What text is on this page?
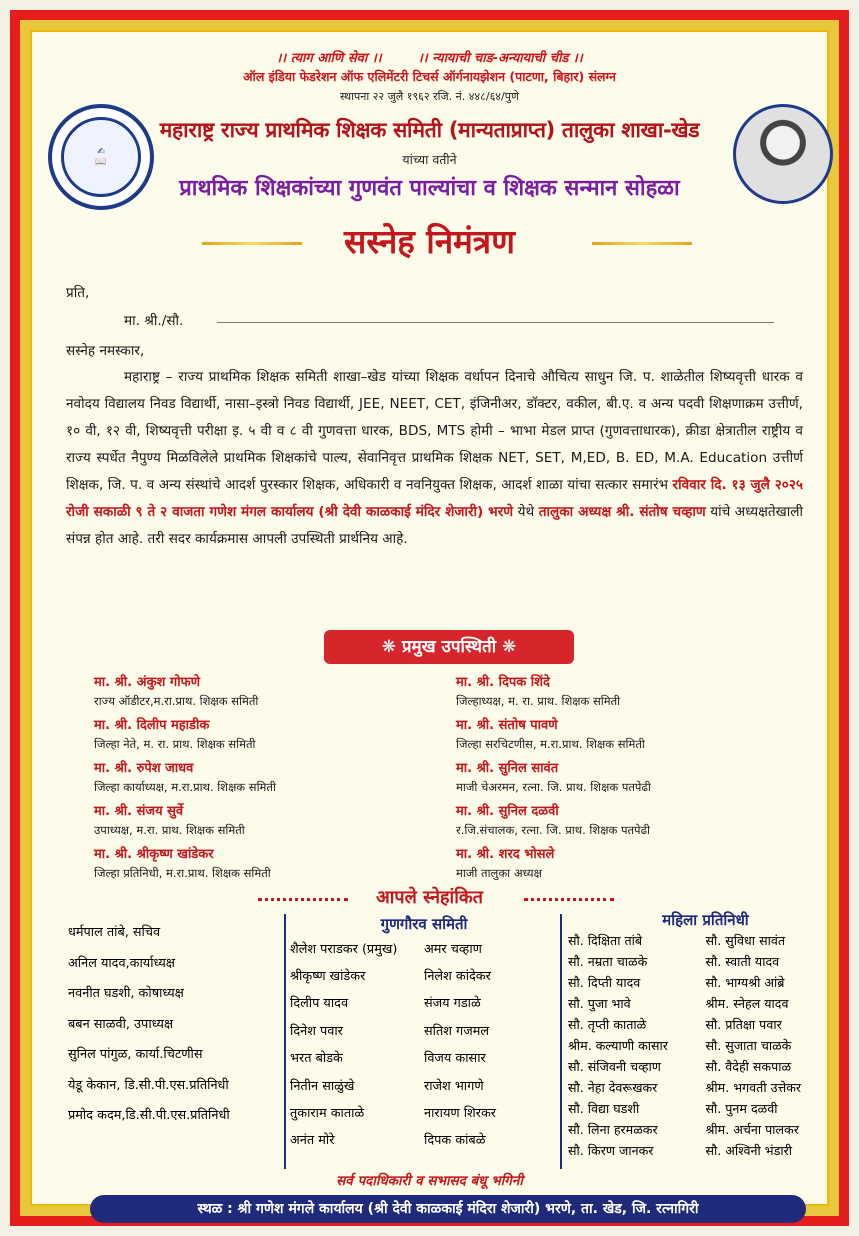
।। त्याग आणि सेवा ।।	।। न्यायाची चाड-अन्यायाची चीड ।।
ऑल इंडिया फेडरेशन ऑफ एलिमेंटरी टिचर्स ऑर्गनायझेशन (पाटणा, बिहार) संलग्न
स्थापना २२ जुलै १९६२ रजि. नं. ४४८/६४/पुणे
✍
📖
महाराष्ट्र राज्य प्राथमिक शिक्षक समिती (मान्यताप्राप्त) तालुका शाखा-खेड
यांच्या वतीने
प्राथमिक शिक्षकांच्या गुणवंत पाल्यांचा व शिक्षक सन्मान सोहळा
सस्नेह निमंत्रण
प्रति,
मा. श्री./सौ.
सस्नेह नमस्कार,
महाराष्ट्र – राज्य प्राथमिक शिक्षक समिती शाखा–खेड यांच्या शिक्षक वर्धापन दिनाचे औचित्य साधुन जि. प. शाळेतील शिष्यवृत्ती धारक व नवोदय विद्यालय निवड विद्यार्थी, नासा–इस्त्रो निवड विद्यार्थी, JEE, NEET, CET, इंजिनीअर, डॉक्टर, वकील, बी.ए. व अन्य पदवी शिक्षणाक्रम उत्तीर्ण, १० वी, १२ वी, शिष्यवृत्ती परीक्षा इ. ५ वी व ८ वी गुणवत्ता धारक, BDS, MTS होमी – भाभा मेडल प्राप्त (गुणवत्ताधारक), क्रीडा क्षेत्रातील राष्ट्रीय व राज्य स्पर्धेत नैपुण्य मिळविलेले प्राथमिक शिक्षकांचे पाल्य, सेवानिवृत्त प्राथमिक शिक्षक NET, SET, M,ED, B. ED, M.A. Education उत्तीर्ण शिक्षक, जि. प. व अन्य संस्थांचे आदर्श पुरस्कार शिक्षक, अधिकारी व नवनियुक्त शिक्षक, आदर्श शाळा यांचा सत्कार समारंभ रविवार दि. १३ जुलै २०२५ रोजी सकाळी ९ ते २ वाजता गणेश मंगल कार्यालय (श्री देवी काळकाई मंदिर शेजारी) भरणे येथे तालुका अध्यक्ष श्री. संतोष चव्हाण यांचे अध्यक्षतेखाली संपन्न होत आहे. तरी सदर कार्यक्रमास आपली उपस्थिती प्रार्थनिय आहे.
❋ प्रमुख उपस्थिती ❋
मा. श्री. अंकुश गोफणे
राज्य ऑडीटर,म.रा.प्राथ. शिक्षक समिती
मा. श्री. दिलीप महाडीक
जिल्हा नेते, म. रा. प्राथ. शिक्षक समिती
मा. श्री. रुपेश जाधव
जिल्हा कार्याध्यक्ष, म.रा.प्राथ. शिक्षक समिती
मा. श्री. संजय सुर्वे
उपाध्यक्ष, म.रा. प्राथ. शिक्षक समिती
मा. श्री. श्रीकृष्ण खांडेकर
जिल्हा प्रतिनिधी, म.रा.प्राथ. शिक्षक समिती
मा. श्री. दिपक शिंदे
जिल्हाध्यक्ष, म. रा. प्राथ. शिक्षक समिती
मा. श्री. संतोष पावणे
जिल्हा सरचिटणीस, म.रा.प्राथ. शिक्षक समिती
मा. श्री. सुनिल सावंत
माजी चेअरमन, रत्ना. जि. प्राथ. शिक्षक पतपेढी
मा. श्री. सुनिल दळवी
र.जि.संचालक, रत्ना. जि. प्राथ. शिक्षक पतपेढी
मा. श्री. शरद भोसले
माजी तालुका अध्यक्ष
आपले स्नेहांकित
धर्मपाल तांबे, सचिव
अनिल यादव,कार्याध्यक्ष
नवनीत घडशी, कोषाध्यक्ष
बबन साळवी, उपाध्यक्ष
सुनिल पांगुळ, कार्या.चिटणीस
येडू केकान, डि.सी.पी.एस.प्रतिनिधी
प्रमोद कदम,डि.सी.पी.एस.प्रतिनिधी
गुणगौरव समिती
शैलेश पराडकर (प्रमुख)	अमर चव्हाण
श्रीकृष्ण खांडेकर	निलेश कांदेकर
दिलीप यादव	संजय गडाळे
दिनेश पवार	सतिश गजमल
भरत बोडके	विजय कासार
नितीन साळुंखे	राजेश भागणे
तुकाराम काताळे	नारायण शिरकर
अनंत मोरे	दिपक कांबळे
महिला प्रतिनिधी
सौ. दिक्षिता तांबे	सौ. सुविधा सावंत
सौ. नम्रता चाळके	सौ. स्वाती यादव
सौ. दिप्ती यादव	सौ. भाग्यश्री आंब्रे
सौ. पुजा भावे	श्रीम. स्नेहल यादव
सौ. तृप्ती काताळे	सौ. प्रतिक्षा पवार
श्रीम. कल्याणी कासार	सौ. सुजाता चाळके
सौ. संजिवनी चव्हाण	सौ. वैदेही सकपाळ
सौ. नेहा देवरूखकर	श्रीम. भगवती उत्तेकर
सौ. विद्या घडशी	सौ. पुनम दळवी
सौ. लिना हरमळकर	श्रीम. अर्चना पालकर
सौ. किरण जानकर	सौ. अश्विनी भंडारी
सर्व पदाधिकारी व सभासद बंधू भगिनी
स्थळ : श्री गणेश मंगले कार्यालय (श्री देवी काळकाई मंदिरा शेजारी) भरणे, ता. खेड, जि. रत्नागिरी
